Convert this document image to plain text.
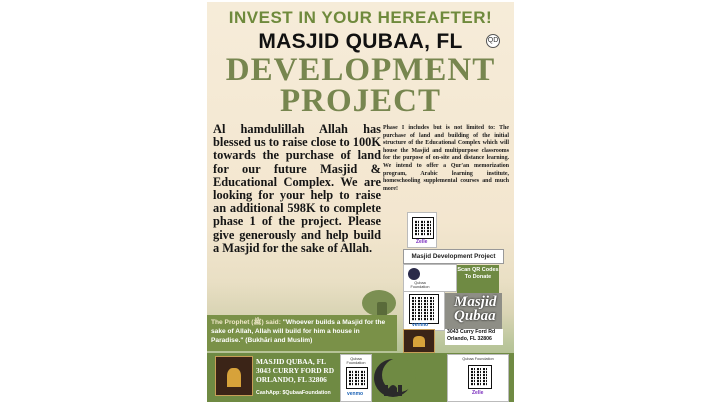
INVEST IN YOUR HEREAFTER!
MASJID QUBAA, FL	QD
DEVELOPMENT
PROJECT
Al hamdulillah Allah has blessed us to raise close to 100K towards the purchase of land for our future Masjid & Educational Complex. We are looking for your help to raise an additional 598K to complete phase 1 of the project. Please give generously and help build a Masjid for the sake of Allah.
Phase I includes but is not limited to: The purchase of land and building of the initial structure of the Educational Complex which will house the Masjid and multipurpose classrooms for the purpose of on-site and distance learning. We intend to offer a Qur'an memorization program, Arabic learning institute, homeschooling supplemental courses and much more!
Zelle
Masjid Development Project
Qubaa Foundation
Scan QR Codes To Donate
venmo
Masjid Qubaa
3043 Curry Ford Rd
Orlando, FL 32806
The Prophet (ﷺ) said: "Whoever builds a Masjid for the sake of Allah, Allah will build for him a house in Paradise." (Bukhāri and Muslim)
MASJID QUBAA, FL
3043 CURRY FORD RD
ORLANDO, FL 32806
CashApp: $QubaaFoundation
Qubaa Foundation
venmo
Qubaa Foundation
Zelle
